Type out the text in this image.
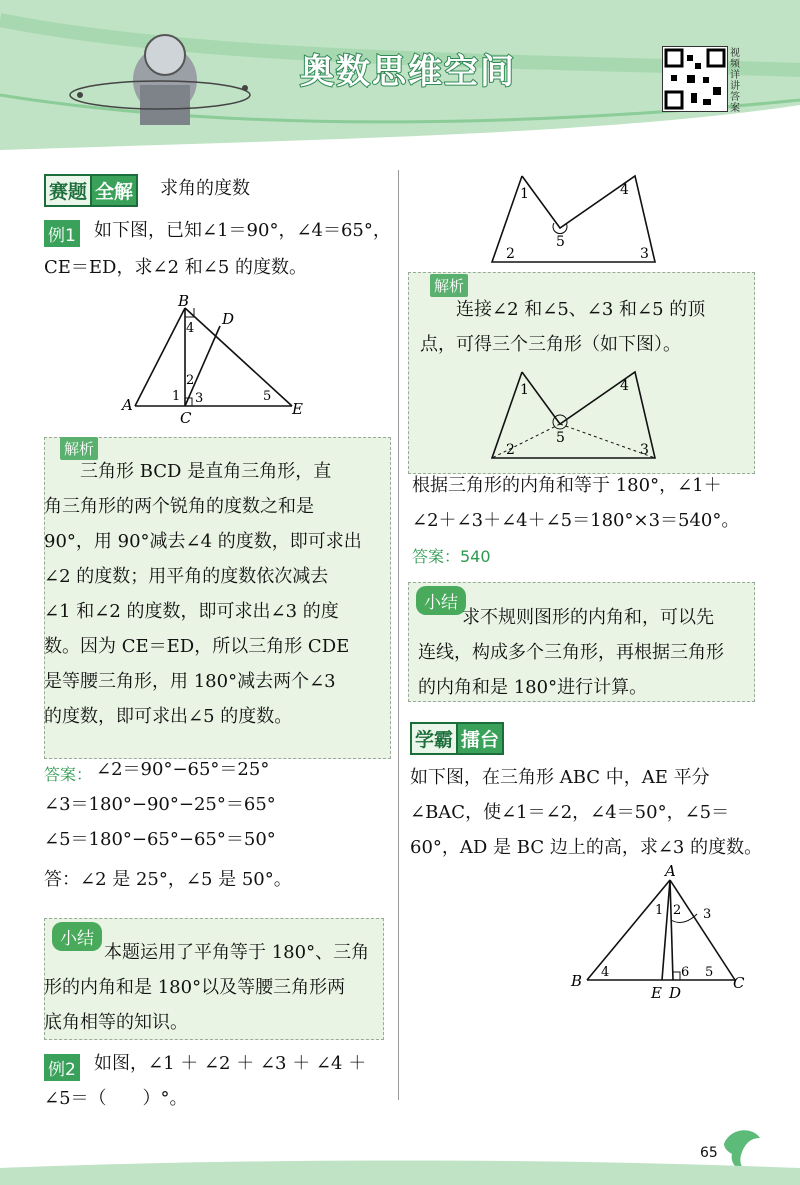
奥数思维空间	视频详讲答案
赛题 全解 求角的度数
例1 如下图，已知∠1＝90°，∠4＝65°，
CE＝ED，求∠2 和∠5 的度数。
B
D
A
C	E
4
2
1 3	5
解析
三角形 BCD 是直角三角形，直
角三角形的两个锐角的度数之和是
90°，用 90°减去∠4 的度数，即可求出
∠2 的度数；用平角的度数依次减去
∠1 和∠2 的度数，即可求出∠3 的度
数。因为 CE＝ED，所以三角形 CDE
是等腰三角形，用 180°减去两个∠3
的度数，即可求出∠5 的度数。
答案： ∠2＝90°−65°＝25°
∠3＝180°−90°−25°＝65°
∠5＝180°−65°−65°＝50°
答：∠2 是 25°，∠5 是 50°。
小结
本题运用了平角等于 180°、三角
形的内角和是 180°以及等腰三角形两
底角相等的知识。
例2 如图，∠1 ＋ ∠2 ＋ ∠3 ＋ ∠4 ＋
∠5＝（　　）°。
1	4
5
2	3
解析
连接∠2 和∠5、∠3 和∠5 的顶
点，可得三个三角形（如下图）。
1	4
5
2	3
根据三角形的内角和等于 180°，∠1＋
∠2＋∠3＋∠4＋∠5＝180°×3＝540°。
答案：540
小结
求不规则图形的内角和，可以先
连线，构成多个三角形，再根据三角形
的内角和是 180°进行计算。
学霸 擂台
如下图，在三角形 ABC 中，AE 平分
∠BAC，使∠1＝∠2，∠4＝50°，∠5＝
60°，AD 是 BC 边上的高，求∠3 的度数。
A
B	C
E D
1 2 3
4	5
6
65
